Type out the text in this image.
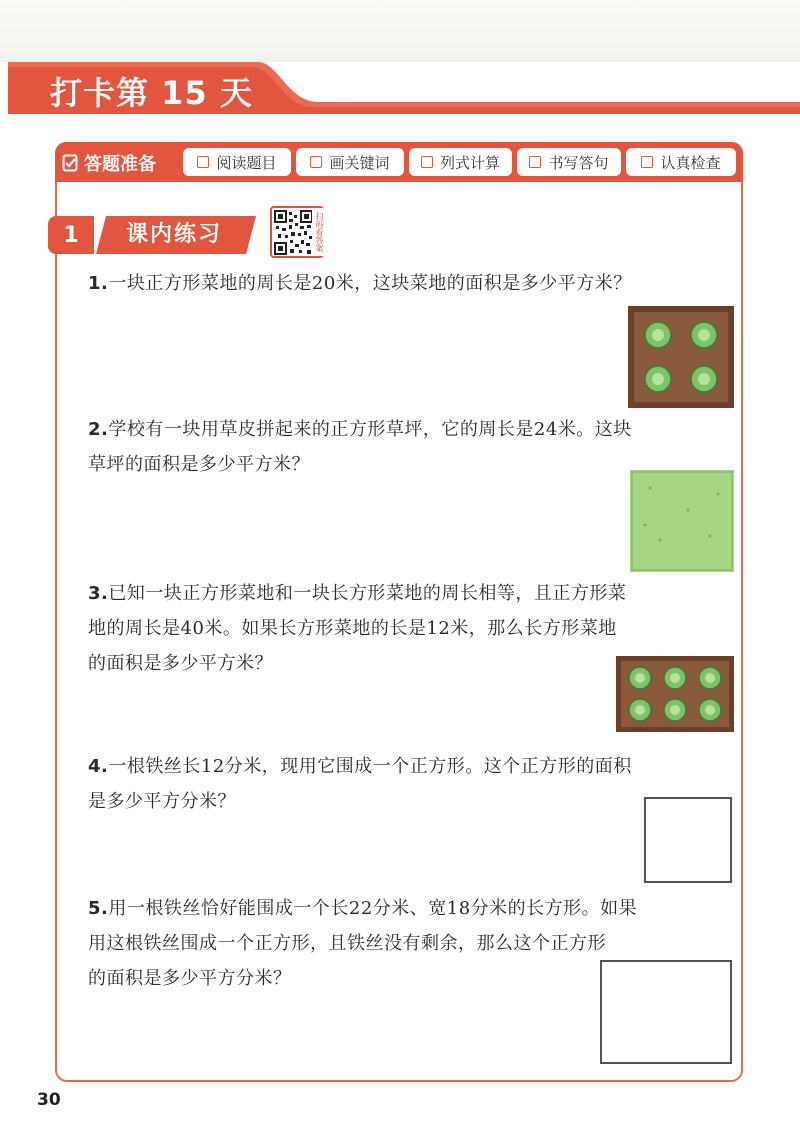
打卡第 15 天
答题准备	阅读题目	画关键词	列式计算	书写答句	认真检查
1	课内练习	扫码看答案
1.一块正方形菜地的周长是20米，这块菜地的面积是多少平方米？
2.学校有一块用草皮拼起来的正方形草坪，它的周长是24米。这块
草坪的面积是多少平方米？
3.已知一块正方形菜地和一块长方形菜地的周长相等，且正方形菜
地的周长是40米。如果长方形菜地的长是12米，那么长方形菜地
的面积是多少平方米？
4.一根铁丝长12分米，现用它围成一个正方形。这个正方形的面积
是多少平方分米？
5.用一根铁丝恰好能围成一个长22分米、宽18分米的长方形。如果
用这根铁丝围成一个正方形，且铁丝没有剩余，那么这个正方形
的面积是多少平方分米？
30
